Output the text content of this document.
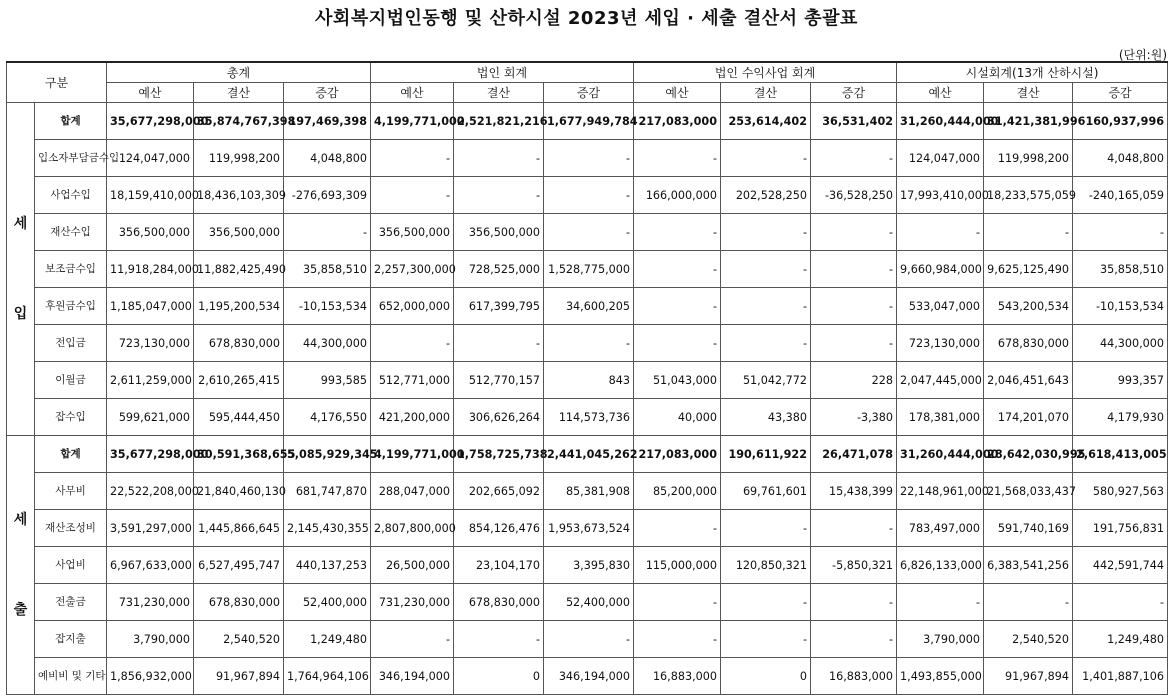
사회복지법인동행 및 산하시설 2023년 세입 · 세출 결산서 총괄표
(단위:원)
구분		총계			법인 회계			법인 수익사업 회계			시설회계(13개 산하시설)		
		예산	결산	증감	예산	결산	증감	예산	결산	증감	예산	결산	증감

세
입	합계	35,677,298,000	35,874,767,398	197,469,398	4,199,771,000	2,521,821,216	1,677,949,784	217,083,000	253,614,402	36,531,402	31,260,444,000	31,421,381,996	160,937,996
	입소자부담금수입	124,047,000	119,998,200	4,048,800	-	-	-	-	-	-	124,047,000	119,998,200	4,048,800
	사업수입	18,159,410,000	18,436,103,309	-276,693,309	-	-	-	166,000,000	202,528,250	-36,528,250	17,993,410,000	18,233,575,059	-240,165,059
	재산수입	356,500,000	356,500,000	-	356,500,000	356,500,000	-	-	-	-	-	-	-
	보조금수입	11,918,284,000	11,882,425,490	35,858,510	2,257,300,000	728,525,000	1,528,775,000	-	-	-	9,660,984,000	9,625,125,490	35,858,510
	후원금수입	1,185,047,000	1,195,200,534	-10,153,534	652,000,000	617,399,795	34,600,205	-	-	-	533,047,000	543,200,534	-10,153,534
	전입금	723,130,000	678,830,000	44,300,000	-	-	-	-	-	-	723,130,000	678,830,000	44,300,000
	이월금	2,611,259,000	2,610,265,415	993,585	512,771,000	512,770,157	843	51,043,000	51,042,772	228	2,047,445,000	2,046,451,643	993,357
	잡수입	599,621,000	595,444,450	4,176,550	421,200,000	306,626,264	114,573,736	40,000	43,380	-3,380	178,381,000	174,201,070	4,179,930

세
출	합계	35,677,298,000	30,591,368,655	5,085,929,345	4,199,771,000	1,758,725,738	2,441,045,262	217,083,000	190,611,922	26,471,078	31,260,444,000	28,642,030,995	2,618,413,005
	사무비	22,522,208,000	21,840,460,130	681,747,870	288,047,000	202,665,092	85,381,908	85,200,000	69,761,601	15,438,399	22,148,961,000	21,568,033,437	580,927,563
	재산조성비	3,591,297,000	1,445,866,645	2,145,430,355	2,807,800,000	854,126,476	1,953,673,524	-	-	-	783,497,000	591,740,169	191,756,831
	사업비	6,967,633,000	6,527,495,747	440,137,253	26,500,000	23,104,170	3,395,830	115,000,000	120,850,321	-5,850,321	6,826,133,000	6,383,541,256	442,591,744
	전출금	731,230,000	678,830,000	52,400,000	731,230,000	678,830,000	52,400,000	-	-	-	-	-	-
	잡지출	3,790,000	2,540,520	1,249,480	-	-	-	-	-	-	3,790,000	2,540,520	1,249,480
	예비비 및 기타	1,856,932,000	91,967,894	1,764,964,106	346,194,000	0	346,194,000	16,883,000	0	16,883,000	1,493,855,000	91,967,894	1,401,887,106
